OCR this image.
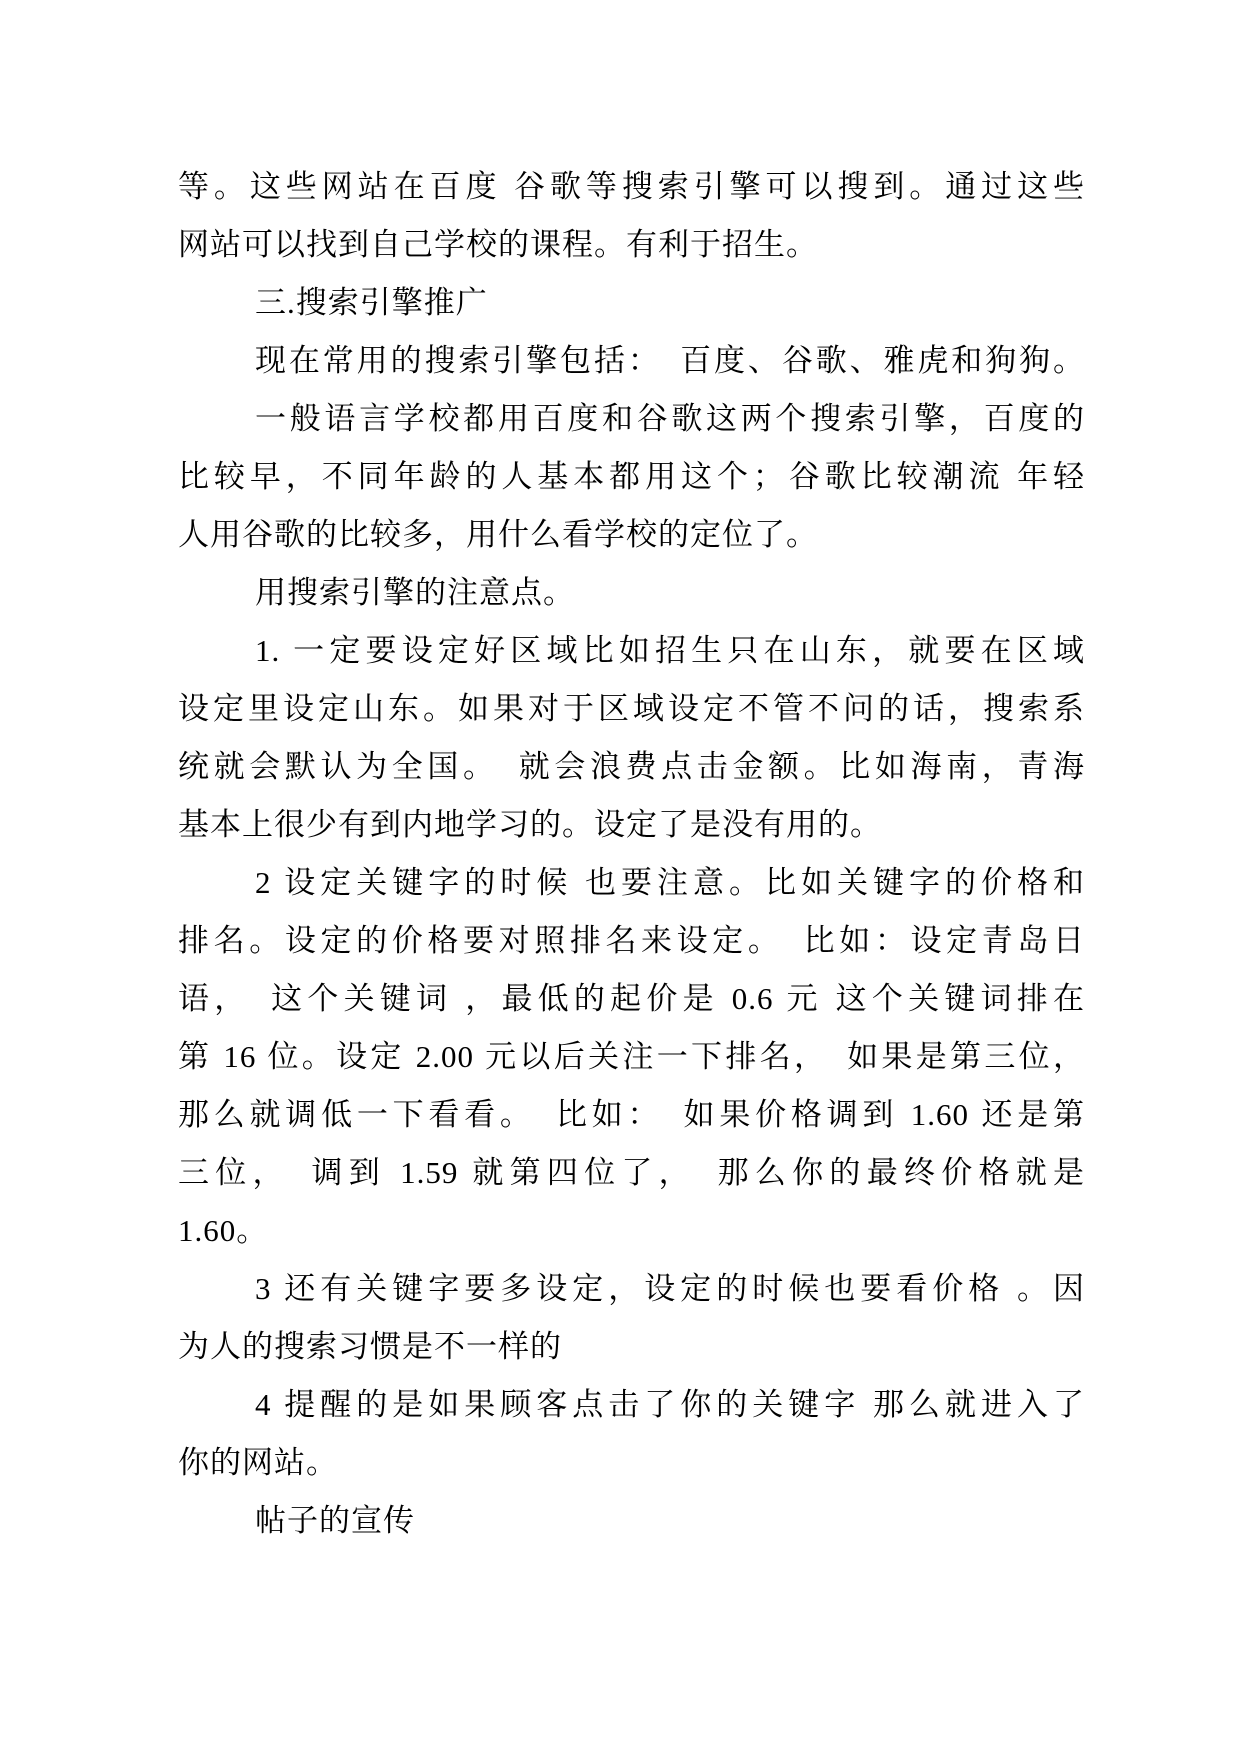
等。这些网站在百度 谷歌等搜索引擎可以搜到。通过这些
网站可以找到自己学校的课程。有利于招生。
三.搜索引擎推广
现在常用的搜索引擎包括：　百度、谷歌、雅虎和狗狗。
一般语言学校都用百度和谷歌这两个搜索引擎，百度的
比较早，不同年龄的人基本都用这个；谷歌比较潮流 年轻
人用谷歌的比较多，用什么看学校的定位了。
用搜索引擎的注意点。
1. 一定要设定好区域比如招生只在山东，就要在区域
设定里设定山东。如果对于区域设定不管不问的话，搜索系
统就会默认为全国。　就会浪费点击金额。比如海南，青海
基本上很少有到内地学习的。设定了是没有用的。
2 设定关键字的时候 也要注意。比如关键字的价格和
排名。设定的价格要对照排名来设定。　比如：设定青岛日
语，　这个关键词 ，最低的起价是 0.6 元 这个关键词排在
第 16 位。设定 2.00 元以后关注一下排名，　如果是第三位，
那么就调低一下看看。　比如：　如果价格调到 1.60 还是第
三位，　调到 1.59 就第四位了，　那么你的最终价格就是
1.60。
3 还有关键字要多设定，设定的时候也要看价格 。因
为人的搜索习惯是不一样的
4 提醒的是如果顾客点击了你的关键字 那么就进入了
你的网站。
帖子的宣传
